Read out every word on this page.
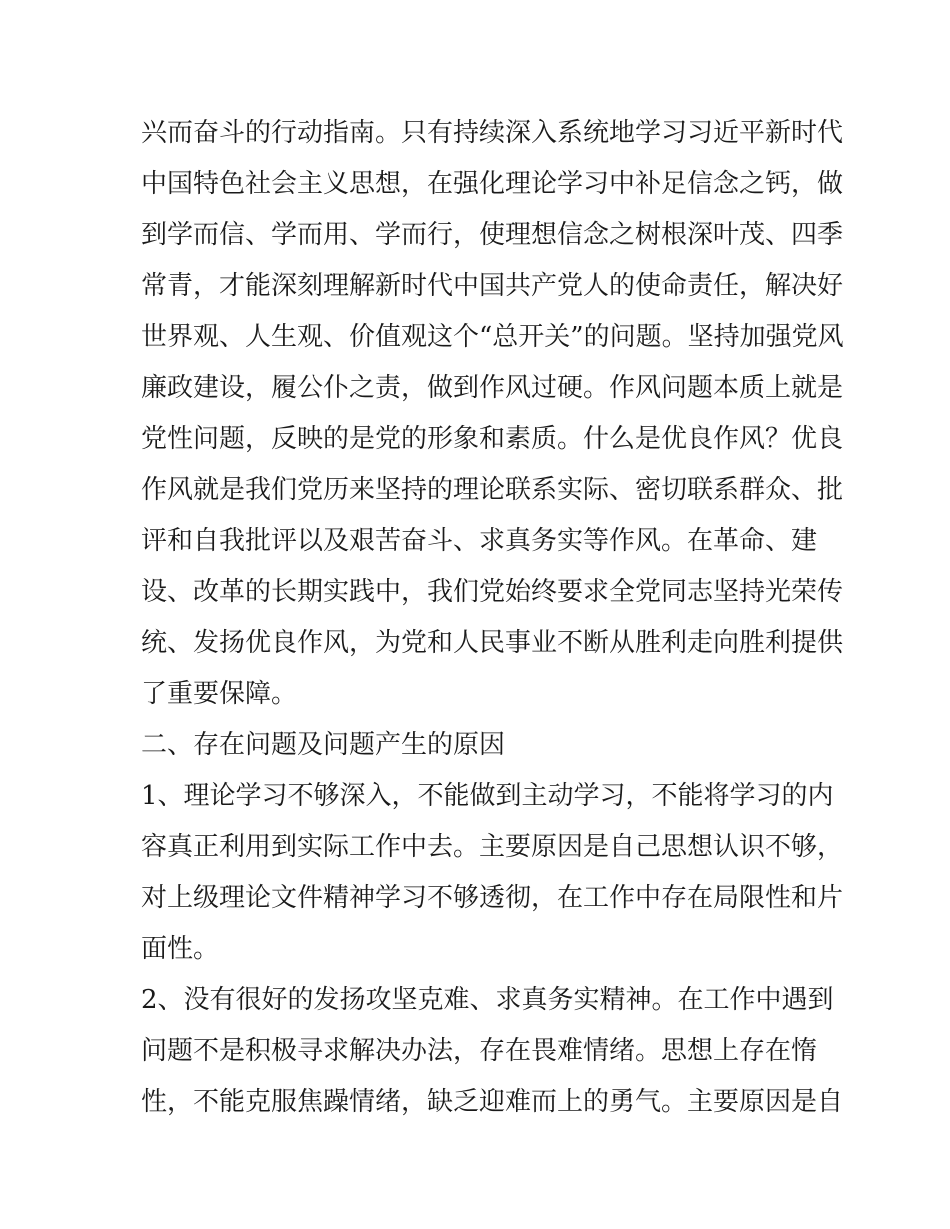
兴而奋斗的行动指南。只有持续深入系统地学习习近平新时代
中国特色社会主义思想，在强化理论学习中补足信念之钙，做
到学而信、学而用、学而行，使理想信念之树根深叶茂、四季
常青，才能深刻理解新时代中国共产党人的使命责任，解决好
世界观、人生观、价值观这个“总开关”的问题。坚持加强党风
廉政建设，履公仆之责，做到作风过硬。作风问题本质上就是
党性问题，反映的是党的形象和素质。什么是优良作风？优良
作风就是我们党历来坚持的理论联系实际、密切联系群众、批
评和自我批评以及艰苦奋斗、求真务实等作风。在革命、建
设、改革的长期实践中，我们党始终要求全党同志坚持光荣传
统、发扬优良作风，为党和人民事业不断从胜利走向胜利提供
了重要保障。
二、存在问题及问题产生的原因
1、理论学习不够深入，不能做到主动学习，不能将学习的内
容真正利用到实际工作中去。主要原因是自己思想认识不够，
对上级理论文件精神学习不够透彻，在工作中存在局限性和片
面性。
2、没有很好的发扬攻坚克难、求真务实精神。在工作中遇到
问题不是积极寻求解决办法，存在畏难情绪。思想上存在惰
性，不能克服焦躁情绪，缺乏迎难而上的勇气。主要原因是自
